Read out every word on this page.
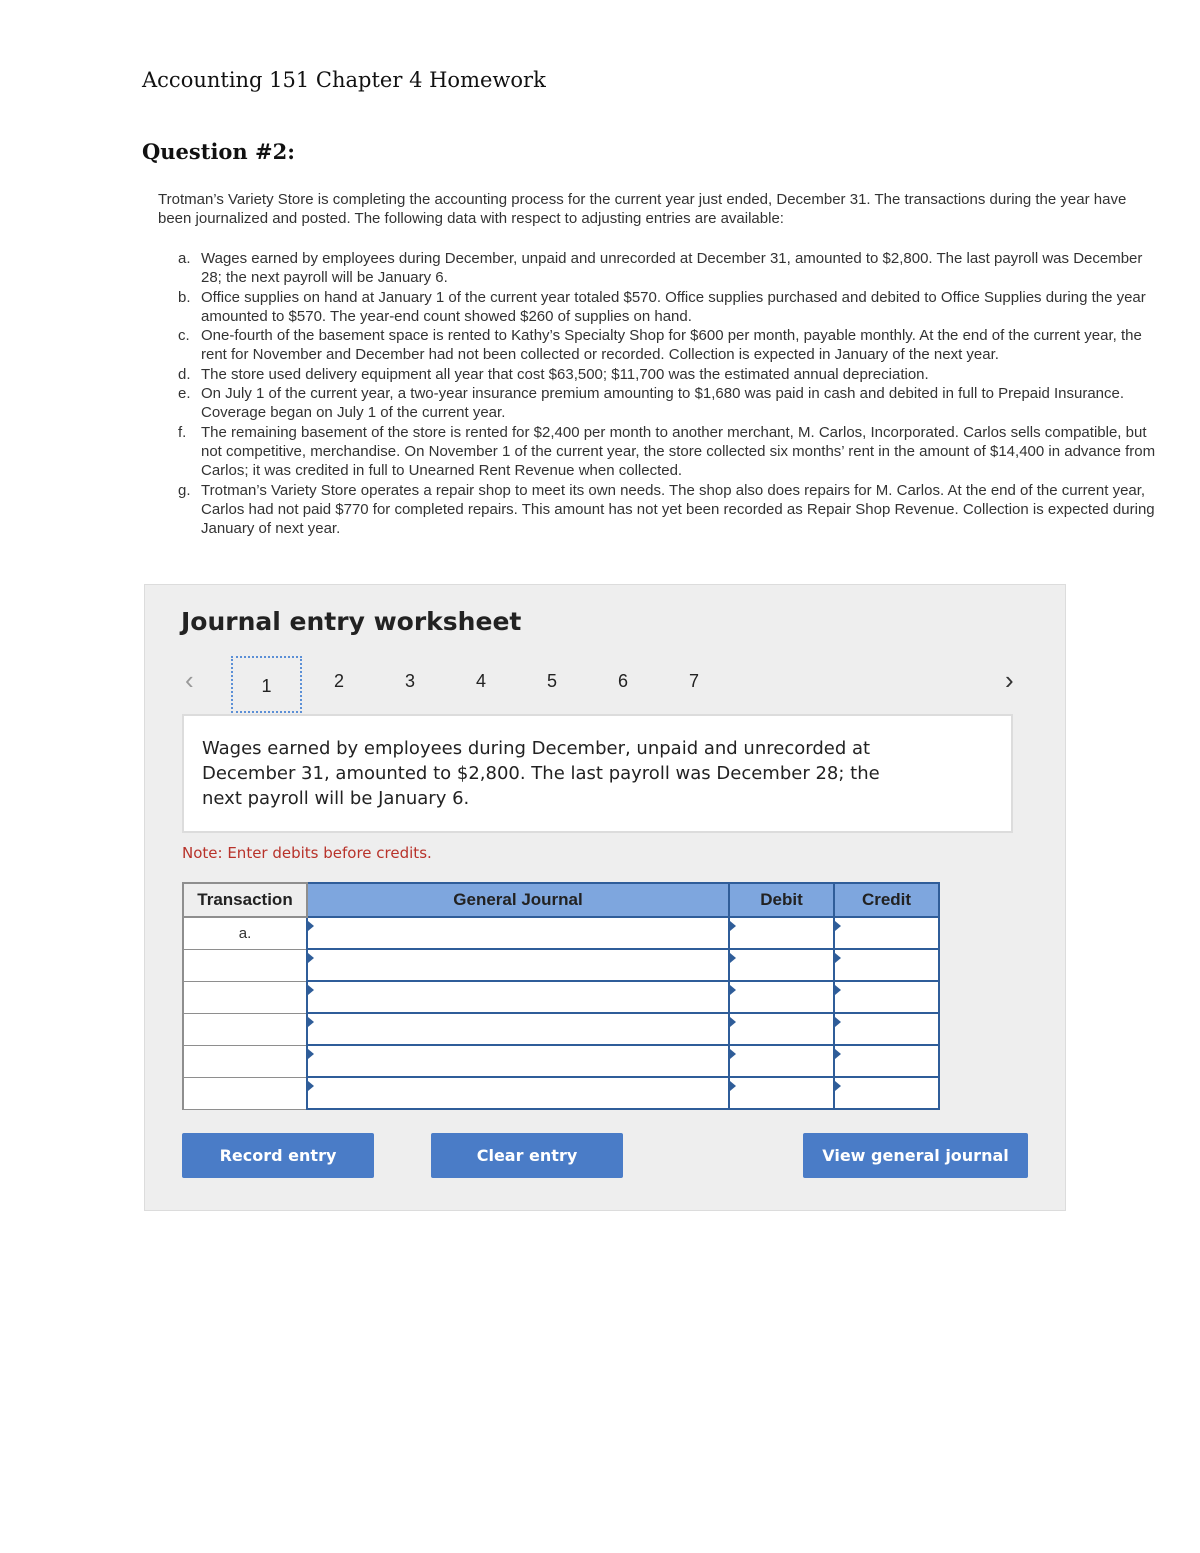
Accounting 151 Chapter 4 Homework
Question #2:

Trotman’s Variety Store is completing the accounting process for the current year just ended, December 31. The transactions during the year have been journalized and posted. The following data with respect to adjusting entries are available:

a. Wages earned by employees during December, unpaid and unrecorded at December 31, amounted to $2,800. The last payroll was December 28; the next payroll will be January 6.
b. Office supplies on hand at January 1 of the current year totaled $570. Office supplies purchased and debited to Office Supplies during the year amounted to $570. The year-end count showed $260 of supplies on hand.
c. One-fourth of the basement space is rented to Kathy’s Specialty Shop for $600 per month, payable monthly. At the end of the current year, the rent for November and December had not been collected or recorded. Collection is expected in January of the next year.
d. The store used delivery equipment all year that cost $63,500; $11,700 was the estimated annual depreciation.
e. On July 1 of the current year, a two-year insurance premium amounting to $1,680 was paid in cash and debited in full to Prepaid Insurance. Coverage began on July 1 of the current year.
f. The remaining basement of the store is rented for $2,400 per month to another merchant, M. Carlos, Incorporated. Carlos sells compatible, but not competitive, merchandise. On November 1 of the current year, the store collected six months’ rent in the amount of $14,400 in advance from Carlos; it was credited in full to Unearned Rent Revenue when collected.
g. Trotman’s Variety Store operates a repair shop to meet its own needs. The shop also does repairs for M. Carlos. At the end of the current year, Carlos had not paid $770 for completed repairs. This amount has not yet been recorded as Repair Shop Revenue. Collection is expected during January of next year.
Journal entry worksheet
‹	1	2	3	4	5	6	7	›

Wages earned by employees during December, unpaid and unrecorded at December 31, amounted to $2,800. The last payroll was December 28; the next payroll will be January 6.

Note: Enter debits before credits.

Transaction	General Journal	Debit	Credit
a.			

Record entry	Clear entry	View general journal
